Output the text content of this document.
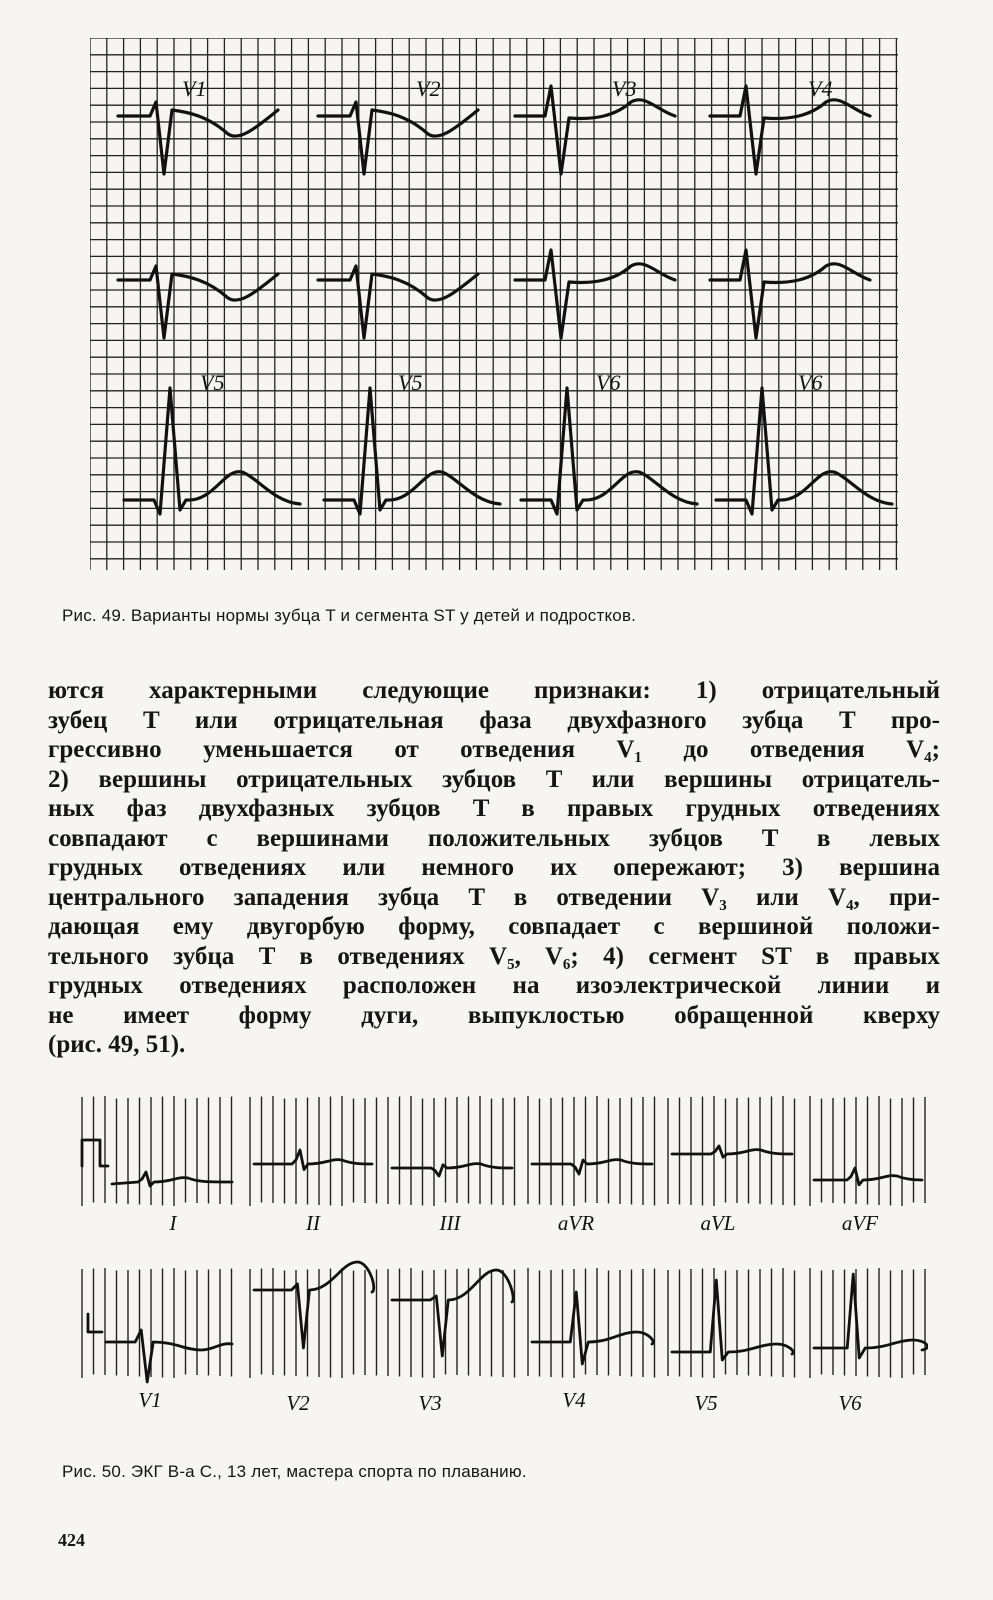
V1	V2	V3	V4
V5	V5	V6	V6
Рис. 49. Варианты нормы зубца T и сегмента ST у детей и подростков.
ются характерными следующие признаки: 1) отрицательный
зубец T или отрицательная фаза двухфазного зубца T про-
грессивно уменьшается от отведения V₁ до отведения V₄;
2) вершины отрицательных зубцов T или вершины отрицатель-
ных фаз двухфазных зубцов T в правых грудных отведениях
совпадают с вершинами положительных зубцов T в левых
грудных отведениях или немного их опережают; 3) вершина
центрального западения зубца T в отведении V₃ или V₄, при-
дающая ему двугорбую форму, совпадает с вершиной положи-
тельного зубца T в отведениях V₅, V₆; 4) сегмент ST в правых
грудных отведениях расположен на изоэлектрической линии и
не имеет форму дуги, выпуклостью обращенной кверху
(рис. 49, 51).
I	II	III	aVR	aVL	aVF
V1	V2	V3	V4	V5	V6
Рис. 50. ЭКГ В-а С., 13 лет, мастера спорта по плаванию.
424
